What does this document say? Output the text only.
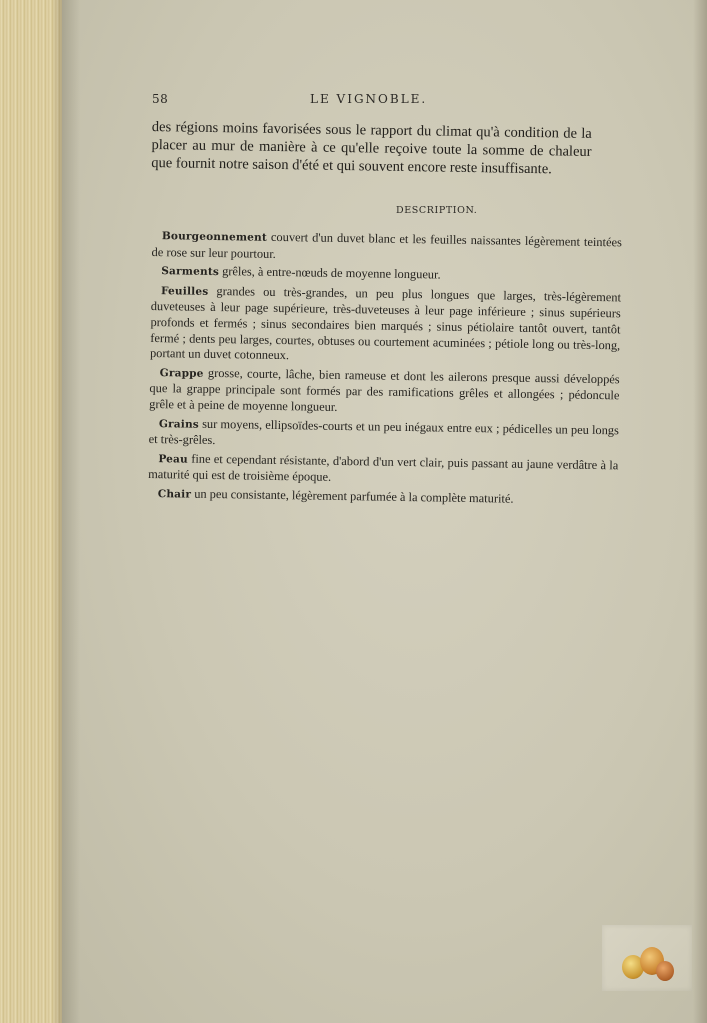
58	LE VIGNOBLE.
des régions moins favorisées sous le rapport du climat qu'à condition de la placer au mur de manière à ce qu'elle reçoive toute la somme de chaleur que fournit notre saison d'été et qui souvent encore reste insuffisante.
DESCRIPTION.
Bourgeonnement couvert d'un duvet blanc et les feuilles naissantes légèrement teintées de rose sur leur pourtour.
Sarments grêles, à entre-nœuds de moyenne longueur.
Feuilles grandes ou très-grandes, un peu plus longues que larges, très-légèrement duveteuses à leur page supérieure, très-duveteuses à leur page inférieure ; sinus supérieurs profonds et fermés ; sinus secondaires bien marqués ; sinus pétiolaire tantôt ouvert, tantôt fermé ; dents peu larges, courtes, obtuses ou courtement acuminées ; pétiole long ou très-long, portant un duvet cotonneux.
Grappe grosse, courte, lâche, bien rameuse et dont les ailerons presque aussi développés que la grappe principale sont formés par des ramifications grêles et allongées ; pédoncule grêle et à peine de moyenne longueur.
Grains sur moyens, ellipsoïdes-courts et un peu inégaux entre eux ; pédicelles un peu longs et très-grêles.
Peau fine et cependant résistante, d'abord d'un vert clair, puis passant au jaune verdâtre à la maturité qui est de troisième époque.
Chair un peu consistante, légèrement parfumée à la complète maturité.
